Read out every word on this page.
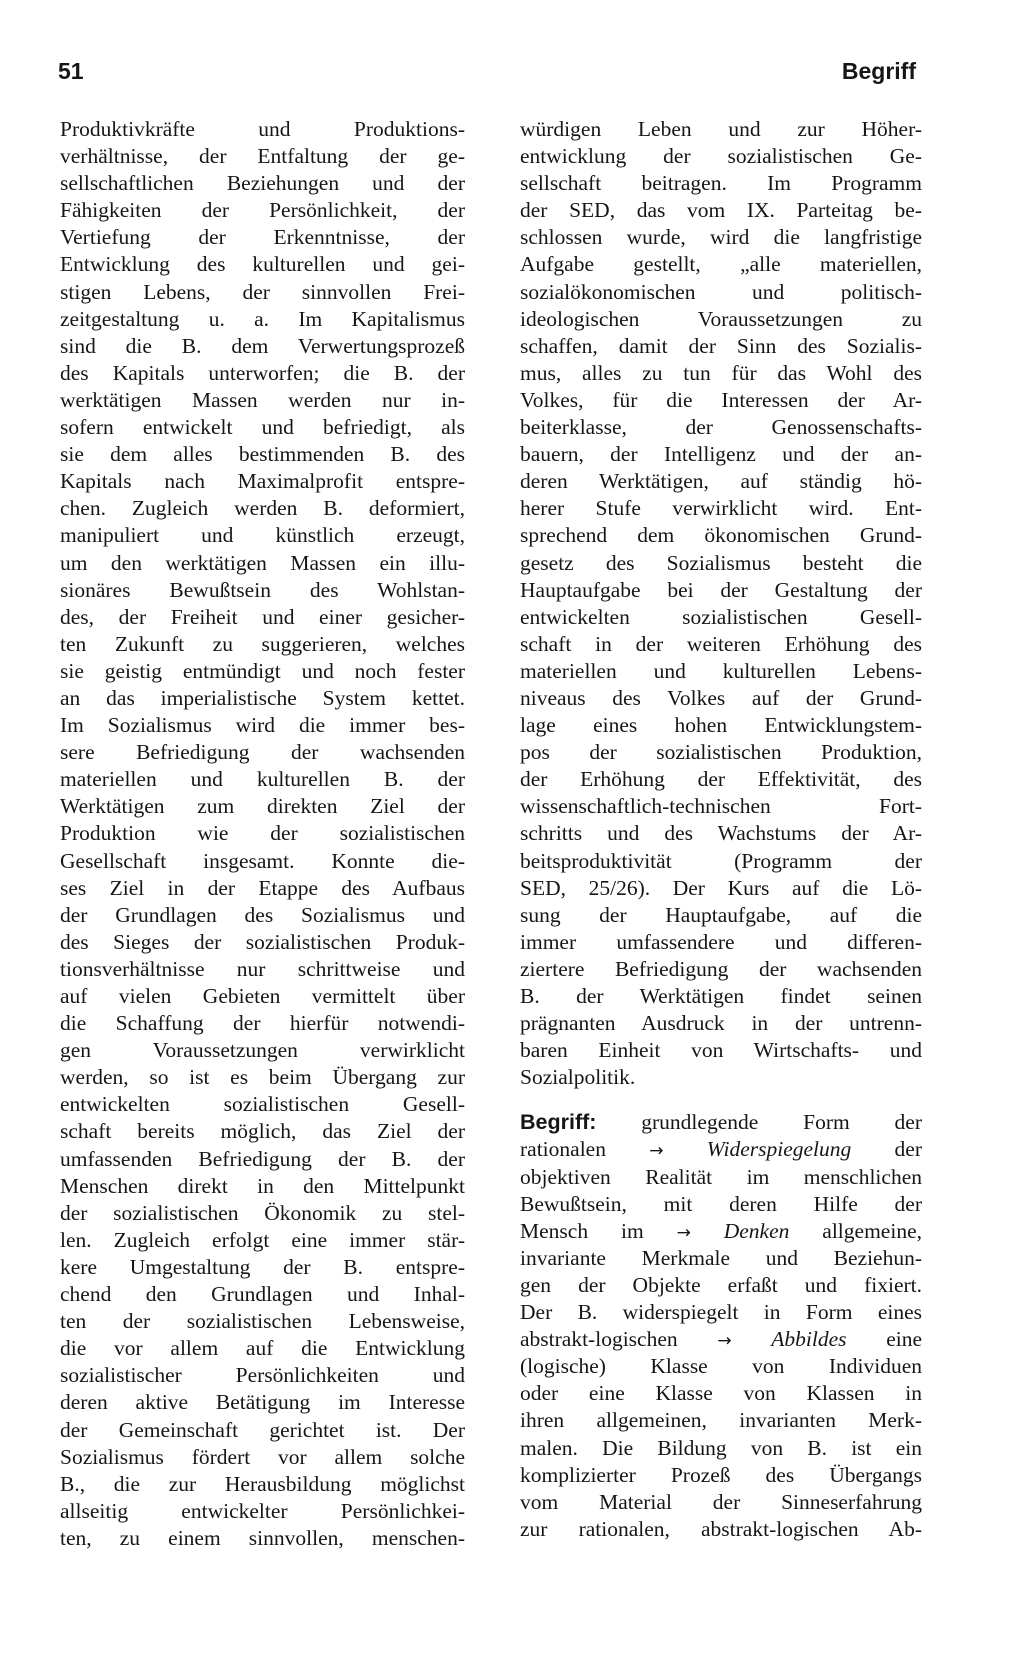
51	Begriff
Produktivkräfte und Produktions-
verhältnisse, der Entfaltung der ge-
sellschaftlichen Beziehungen und der
Fähigkeiten der Persönlichkeit, der
Vertiefung der Erkenntnisse, der
Entwicklung des kulturellen und gei-
stigen Lebens, der sinnvollen Frei-
zeitgestaltung u. a. Im Kapitalismus
sind die B. dem Verwertungsprozeß
des Kapitals unterworfen; die B. der
werktätigen Massen werden nur in-
sofern entwickelt und befriedigt, als
sie dem alles bestimmenden B. des
Kapitals nach Maximalprofit entspre-
chen. Zugleich werden B. deformiert,
manipuliert und künstlich erzeugt,
um den werktätigen Massen ein illu-
sionäres Bewußtsein des Wohlstan-
des, der Freiheit und einer gesicher-
ten Zukunft zu suggerieren, welches
sie geistig entmündigt und noch fester
an das imperialistische System kettet.
Im Sozialismus wird die immer bes-
sere Befriedigung der wachsenden
materiellen und kulturellen B. der
Werktätigen zum direkten Ziel der
Produktion wie der sozialistischen
Gesellschaft insgesamt. Konnte die-
ses Ziel in der Etappe des Aufbaus
der Grundlagen des Sozialismus und
des Sieges der sozialistischen Produk-
tionsverhältnisse nur schrittweise und
auf vielen Gebieten vermittelt über
die Schaffung der hierfür notwendi-
gen Voraussetzungen verwirklicht
werden, so ist es beim Übergang zur
entwickelten sozialistischen Gesell-
schaft bereits möglich, das Ziel der
umfassenden Befriedigung der B. der
Menschen direkt in den Mittelpunkt
der sozialistischen Ökonomik zu stel-
len. Zugleich erfolgt eine immer stär-
kere Umgestaltung der B. entspre-
chend den Grundlagen und Inhal-
ten der sozialistischen Lebensweise,
die vor allem auf die Entwicklung
sozialistischer Persönlichkeiten und
deren aktive Betätigung im Interesse
der Gemeinschaft gerichtet ist. Der
Sozialismus fördert vor allem solche
B., die zur Herausbildung möglichst
allseitig entwickelter Persönlichkei-
ten, zu einem sinnvollen, menschen-
würdigen Leben und zur Höher-
entwicklung der sozialistischen Ge-
sellschaft beitragen. Im Programm
der SED, das vom IX. Parteitag be-
schlossen wurde, wird die langfristige
Aufgabe gestellt, „alle materiellen,
sozialökonomischen und politisch-
ideologischen Voraussetzungen zu
schaffen, damit der Sinn des Sozialis-
mus, alles zu tun für das Wohl des
Volkes, für die Interessen der Ar-
beiterklasse, der Genossenschafts-
bauern, der Intelligenz und der an-
deren Werktätigen, auf ständig hö-
herer Stufe verwirklicht wird. Ent-
sprechend dem ökonomischen Grund-
gesetz des Sozialismus besteht die
Hauptaufgabe bei der Gestaltung der
entwickelten sozialistischen Gesell-
schaft in der weiteren Erhöhung des
materiellen und kulturellen Lebens-
niveaus des Volkes auf der Grund-
lage eines hohen Entwicklungstem-
pos der sozialistischen Produktion,
der Erhöhung der Effektivität, des
wissenschaftlich-technischen Fort-
schritts und des Wachstums der Ar-
beitsproduktivität (Programm der
SED, 25/26). Der Kurs auf die Lö-
sung der Hauptaufgabe, auf die
immer umfassendere und differen-
ziertere Befriedigung der wachsenden
B. der Werktätigen findet seinen
prägnanten Ausdruck in der untrenn-
baren Einheit von Wirtschafts- und
Sozialpolitik.
Begriff: grundlegende Form der
rationalen → Widerspiegelung der
objektiven Realität im menschlichen
Bewußtsein, mit deren Hilfe der
Mensch im → Denken allgemeine,
invariante Merkmale und Beziehun-
gen der Objekte erfaßt und fixiert.
Der B. widerspiegelt in Form eines
abstrakt-logischen → Abbildes eine
(logische) Klasse von Individuen
oder eine Klasse von Klassen in
ihren allgemeinen, invarianten Merk-
malen. Die Bildung von B. ist ein
komplizierter Prozeß des Übergangs
vom Material der Sinneserfahrung
zur rationalen, abstrakt-logischen Ab-
